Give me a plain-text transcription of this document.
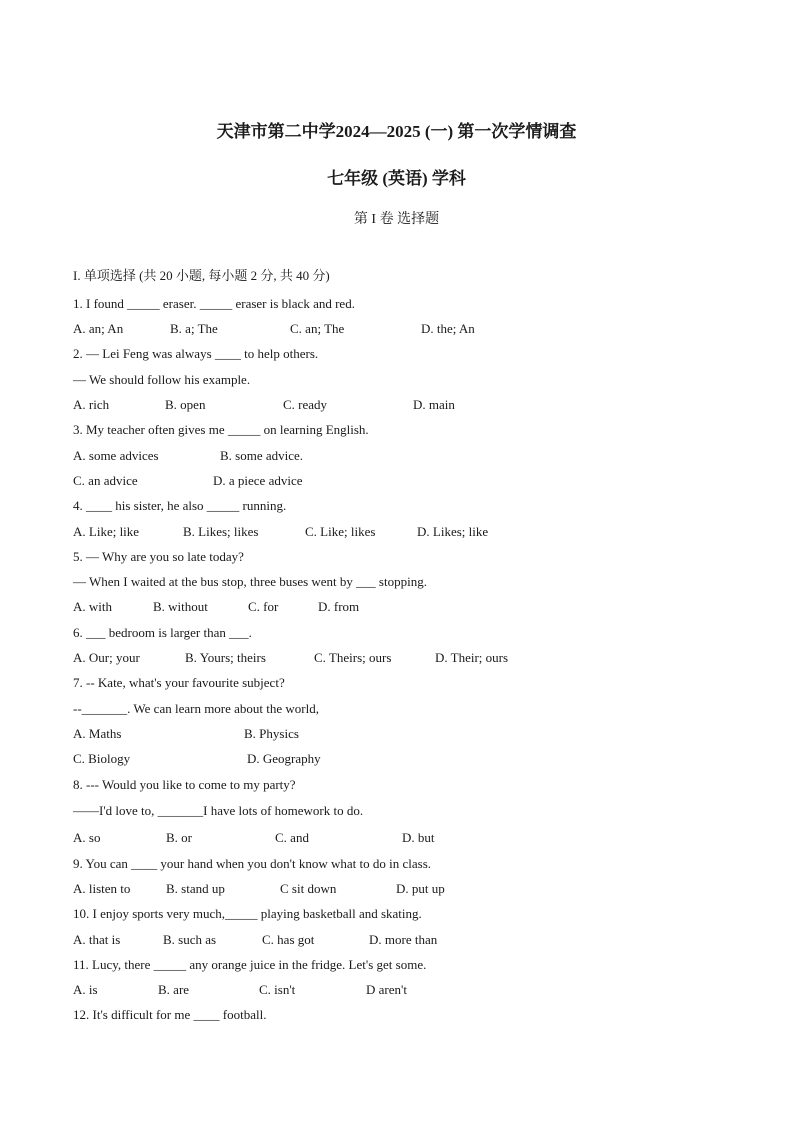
天津市第二中学2024—2025 (一) 第一次学情调查
七年级 (英语) 学科
第 I 卷 选择题
I. 单项选择 (共 20 小题, 每小题 2 分, 共 40 分)
1. I found _____ eraser. _____ eraser is black and red.
A. an; An	B. a; The	C. an; The	D. the; An
2. — Lei Feng was always ____ to help others.
— We should follow his example.
A. rich	B. open	C. ready	D. main
3. My teacher often gives me _____ on learning English.
A. some advices	B. some advice.
C. an advice	D. a piece advice
4. ____ his sister, he also _____ running.
A. Like; like	B. Likes; likes	C. Like; likes	D. Likes; like
5. — Why are you so late today?
— When I waited at the bus stop, three buses went by ___ stopping.
A. with	B. without	C. for	D. from
6. ___ bedroom is larger than ___.
A. Our; your	B. Yours; theirs	C. Theirs; ours	D. Their; ours
7. -- Kate, what's your favourite subject?
--_______. We can learn more about the world,
A. Maths	B. Physics
C. Biology	D. Geography
8. --- Would you like to come to my party?
——I'd love to, _______I have lots of homework to do.
A. so	B. or	C. and	D. but
9. You can ____ your hand when you don't know what to do in class.
A. listen to	B. stand up	C sit down	D. put up
10. I enjoy sports very much,_____ playing basketball and skating.
A. that is	B. such as	C. has got	D. more than
11. Lucy, there _____ any orange juice in the fridge. Let's get some.
A. is	B. are	C. isn't	D aren't
12. It's difficult for me ____ football.
